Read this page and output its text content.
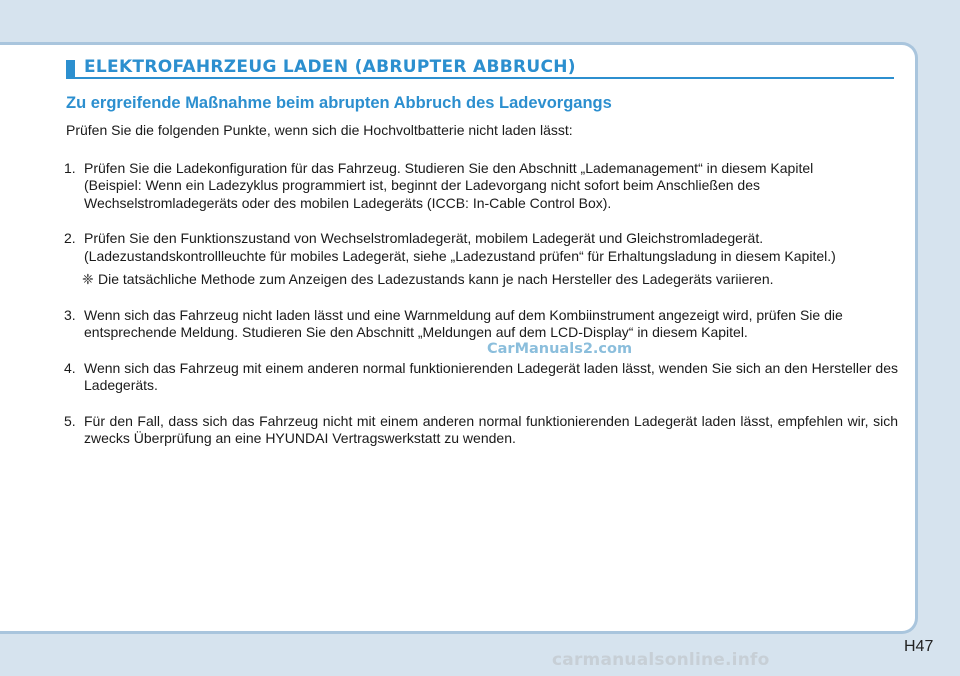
ELEKTROFAHRZEUG LADEN (ABRUPTER ABBRUCH)
Zu ergreifende Maßnahme beim abrupten Abbruch des Ladevorgangs

Prüfen Sie die folgenden Punkte, wenn sich die Hochvoltbatterie nicht laden lässt:

1. Prüfen Sie die Ladekonfiguration für das Fahrzeug. Studieren Sie den Abschnitt „Lademanagement“ in diesem Kapitel

(Beispiel: Wenn ein Ladezyklus programmiert ist, beginnt der Ladevorgang nicht sofort beim Anschließen des Wechselstromladegeräts oder des mobilen Ladegeräts (ICCB: In-Cable Control Box).

2. Prüfen Sie den Funktionszustand von Wechselstromladegerät, mobilem Ladegerät und Gleichstromladegerät. (Ladezustandskontrollleuchte für mobiles Ladegerät, siehe „Ladezustand prüfen“ für Erhaltungsladung in diesem Kapitel.)

❈ Die tatsächliche Methode zum Anzeigen des Ladezustands kann je nach Hersteller des Ladegeräts variieren.
3. Wenn sich das Fahrzeug nicht laden lässt und eine Warnmeldung auf dem Kombiinstrument angezeigt wird, prüfen Sie die entsprechende Meldung. Studieren Sie den Abschnitt „Meldungen auf dem LCD-Display“ in diesem Kapitel.

4. Wenn sich das Fahrzeug mit einem anderen normal funktionierenden Ladegerät laden lässt, wenden Sie sich an den Hersteller des Ladegeräts.

5. Für den Fall, dass sich das Fahrzeug nicht mit einem anderen normal funktionierenden Ladegerät laden lässt, empfehlen wir, sich zwecks Überprüfung an eine HYUNDAI Vertragswerkstatt zu wenden.

CarManuals2.com
H47
carmanualsonline.info
